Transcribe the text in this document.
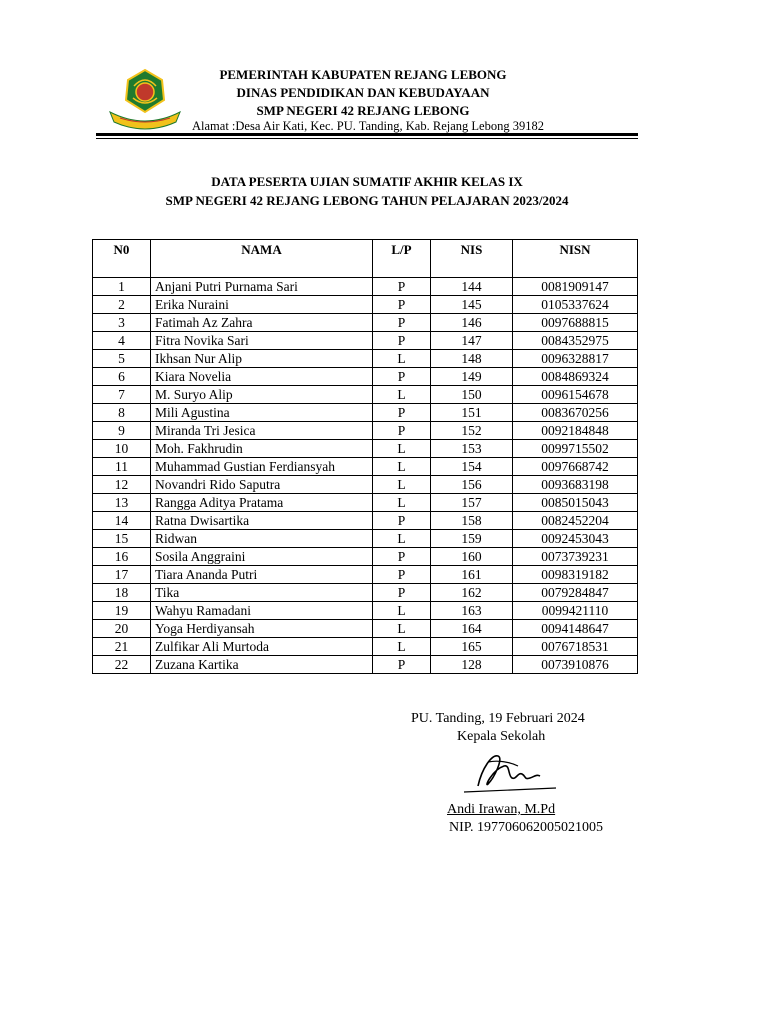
PEMERINTAH KABUPATEN REJANG LEBONG
DINAS PENDIDIKAN DAN KEBUDAYAAN
SMP NEGERI 42 REJANG LEBONG
Alamat :Desa Air Kati, Kec. PU. Tanding, Kab. Rejang Lebong 39182
DATA PESERTA UJIAN SUMATIF AKHIR KELAS IX
SMP NEGERI 42 REJANG LEBONG TAHUN PELAJARAN 2023/2024
N0	NAMA	L/P	NIS	NISN
1	Anjani Putri Purnama Sari	P	144	0081909147
2	Erika Nuraini	P	145	0105337624
3	Fatimah Az Zahra	P	146	0097688815
4	Fitra Novika Sari	P	147	0084352975
5	Ikhsan Nur Alip	L	148	0096328817
6	Kiara Novelia	P	149	0084869324
7	M. Suryo Alip	L	150	0096154678
8	Mili Agustina	P	151	0083670256
9	Miranda Tri Jesica	P	152	0092184848
10	Moh. Fakhrudin	L	153	0099715502
11	Muhammad Gustian Ferdiansyah	L	154	0097668742
12	Novandri Rido Saputra	L	156	0093683198
13	Rangga Aditya Pratama	L	157	0085015043
14	Ratna Dwisartika	P	158	0082452204
15	Ridwan	L	159	0092453043
16	Sosila Anggraini	P	160	0073739231
17	Tiara Ananda Putri	P	161	0098319182
18	Tika	P	162	0079284847
19	Wahyu Ramadani	L	163	0099421110
20	Yoga Herdiyansah	L	164	0094148647
21	Zulfikar Ali Murtoda	L	165	0076718531
22	Zuzana Kartika	P	128	0073910876
PU. Tanding, 19 Februari 2024
Kepala Sekolah
Andi Irawan, M.Pd
NIP. 197706062005021005
